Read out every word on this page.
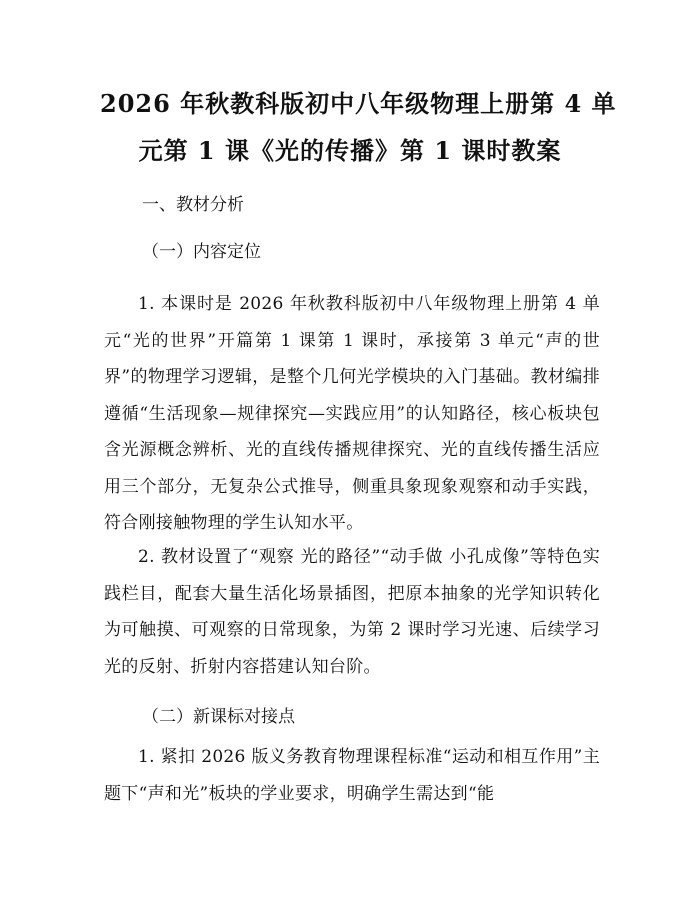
2026 年秋教科版初中八年级物理上册第 4 单
元第 1 课《光的传播》第 1 课时教案
一、教材分析
（一）内容定位
1. 本课时是 2026 年秋教科版初中八年级物理上册第 4 单元“光的世界”开篇第 1 课第 1 课时，承接第 3 单元“声的世界”的物理学习逻辑，是整个几何光学模块的入门基础。教材编排遵循“生活现象—规律探究—实践应用”的认知路径，核心板块包含光源概念辨析、光的直线传播规律探究、光的直线传播生活应用三个部分，无复杂公式推导，侧重具象现象观察和动手实践，符合刚接触物理的学生认知水平。
2. 教材设置了“观察 光的路径”“动手做 小孔成像”等特色实践栏目，配套大量生活化场景插图，把原本抽象的光学知识转化为可触摸、可观察的日常现象，为第 2 课时学习光速、后续学习光的反射、折射内容搭建认知台阶。
（二）新课标对接点
1. 紧扣 2026 版义务教育物理课程标准“运动和相互作用”主题下“声和光”板块的学业要求，明确学生需达到“能
